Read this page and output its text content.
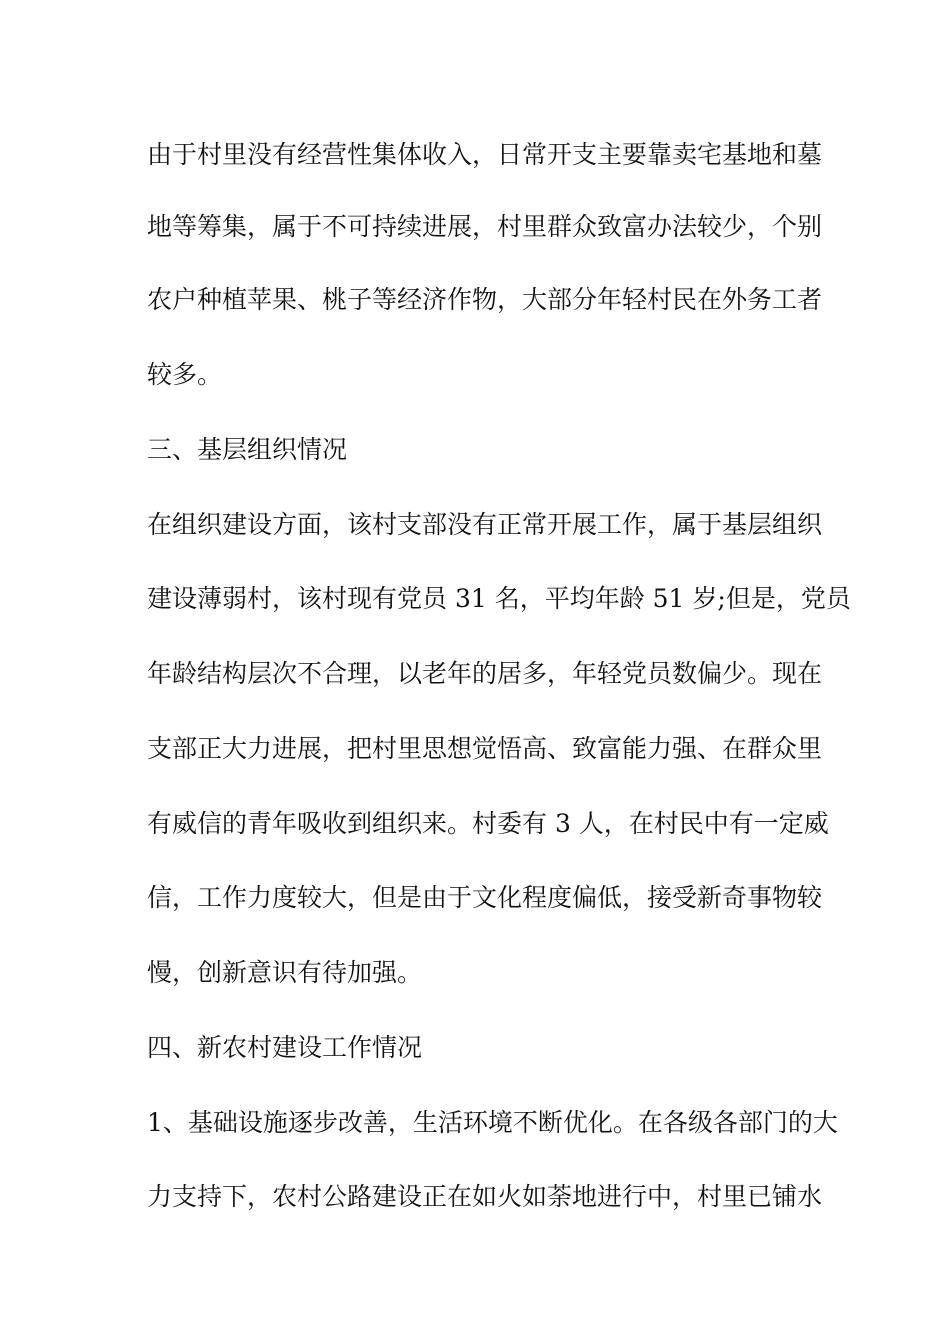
由于村里没有经营性集体收入，日常开支主要靠卖宅基地和墓
地等筹集，属于不可持续进展，村里群众致富办法较少，个别
农户种植苹果、桃子等经济作物，大部分年轻村民在外务工者
较多。
三、基层组织情况
在组织建设方面，该村支部没有正常开展工作，属于基层组织
建设薄弱村，该村现有党员 31 名，平均年龄 51 岁;但是，党员
年龄结构层次不合理，以老年的居多，年轻党员数偏少。现在
支部正大力进展，把村里思想觉悟高、致富能力强、在群众里
有威信的青年吸收到组织来。村委有 3 人，在村民中有一定威
信，工作力度较大，但是由于文化程度偏低，接受新奇事物较
慢，创新意识有待加强。
四、新农村建设工作情况
1、基础设施逐步改善，生活环境不断优化。在各级各部门的大
力支持下，农村公路建设正在如火如荼地进行中，村里已铺水
